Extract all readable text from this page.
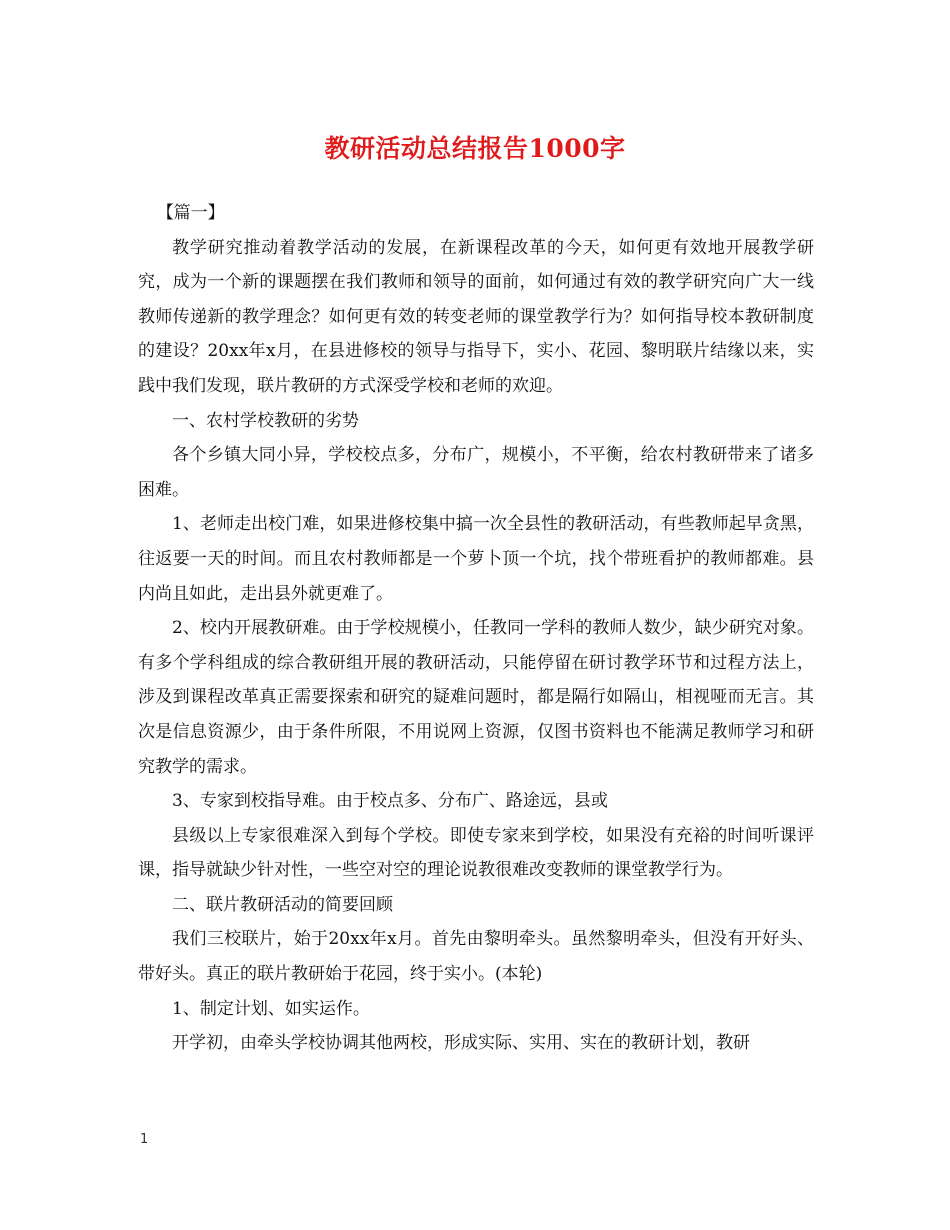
教研活动总结报告1000字

【篇一】

教学研究推动着教学活动的发展，在新课程改革的今天，如何更有效地开展教学研究，成为一个新的课题摆在我们教师和领导的面前，如何通过有效的教学研究向广大一线教师传递新的教学理念？如何更有效的转变老师的课堂教学行为？如何指导校本教研制度的建设？20xx年x月，在县进修校的领导与指导下，实小、花园、黎明联片结缘以来，实践中我们发现，联片教研的方式深受学校和老师的欢迎。

一、农村学校教研的劣势

各个乡镇大同小异，学校校点多，分布广，规模小，不平衡，给农村教研带来了诸多困难。

1、老师走出校门难，如果进修校集中搞一次全县性的教研活动，有些教师起早贪黑，往返要一天的时间。而且农村教师都是一个萝卜顶一个坑，找个带班看护的教师都难。县内尚且如此，走出县外就更难了。

2、校内开展教研难。由于学校规模小，任教同一学科的教师人数少，缺少研究对象。有多个学科组成的综合教研组开展的教研活动，只能停留在研讨教学环节和过程方法上，涉及到课程改革真正需要探索和研究的疑难问题时，都是隔行如隔山，相视哑而无言。其次是信息资源少，由于条件所限，不用说网上资源，仅图书资料也不能满足教师学习和研究教学的需求。

3、专家到校指导难。由于校点多、分布广、路途远，县或

县级以上专家很难深入到每个学校。即使专家来到学校，如果没有充裕的时间听课评课，指导就缺少针对性，一些空对空的理论说教很难改变教师的课堂教学行为。

二、联片教研活动的简要回顾

我们三校联片，始于20xx年x月。首先由黎明牵头。虽然黎明牵头，但没有开好头、带好头。真正的联片教研始于花园，终于实小。(本轮)

1、制定计划、如实运作。

开学初，由牵头学校协调其他两校，形成实际、实用、实在的教研计划，教研

1
